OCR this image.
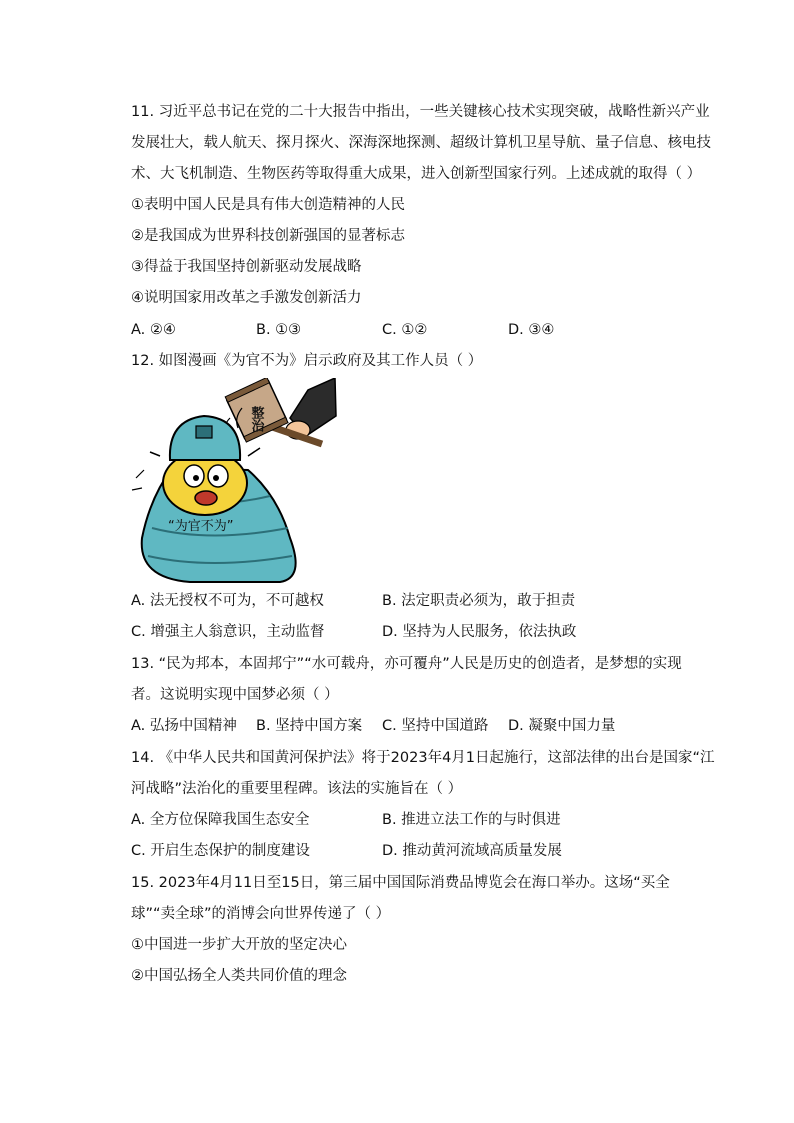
11. 习近平总书记在党的二十大报告中指出，一些关键核心技术实现突破，战略性新兴产业
发展壮大，载人航天、探月探火、深海深地探测、超级计算机卫星导航、量子信息、核电技
术、大飞机制造、生物医药等取得重大成果，进入创新型国家行列。上述成就的取得（ ）
①表明中国人民是具有伟大创造精神的人民
②是我国成为世界科技创新强国的显著标志
③得益于我国坚持创新驱动发展战略
④说明国家用改革之手激发创新活力
A. ②④	B. ①③	C. ①②	D. ③④
12. 如图漫画《为官不为》启示政府及其工作人员（ ）
整治
“为官不为”
A. 法无授权不可为，不可越权	B. 法定职责必须为，敢于担责
C. 增强主人翁意识，主动监督	D. 坚持为人民服务，依法执政
13. “民为邦本，本固邦宁”“水可载舟，亦可覆舟”人民是历史的创造者，是梦想的实现
者。这说明实现中国梦必须（ ）
A. 弘扬中国精神 B. 坚持中国方案 C. 坚持中国道路 D. 凝聚中国力量
14. 《中华人民共和国黄河保护法》将于2023年4月1日起施行，这部法律的出台是国家“江
河战略”法治化的重要里程碑。该法的实施旨在（ ）
A. 全方位保障我国生态安全	B. 推进立法工作的与时俱进
C. 开启生态保护的制度建设	D. 推动黄河流域高质量发展
15. 2023年4月11日至15日，第三届中国国际消费品博览会在海口举办。这场“买全
球”“卖全球”的消博会向世界传递了（ ）
①中国进一步扩大开放的坚定决心
②中国弘扬全人类共同价值的理念
